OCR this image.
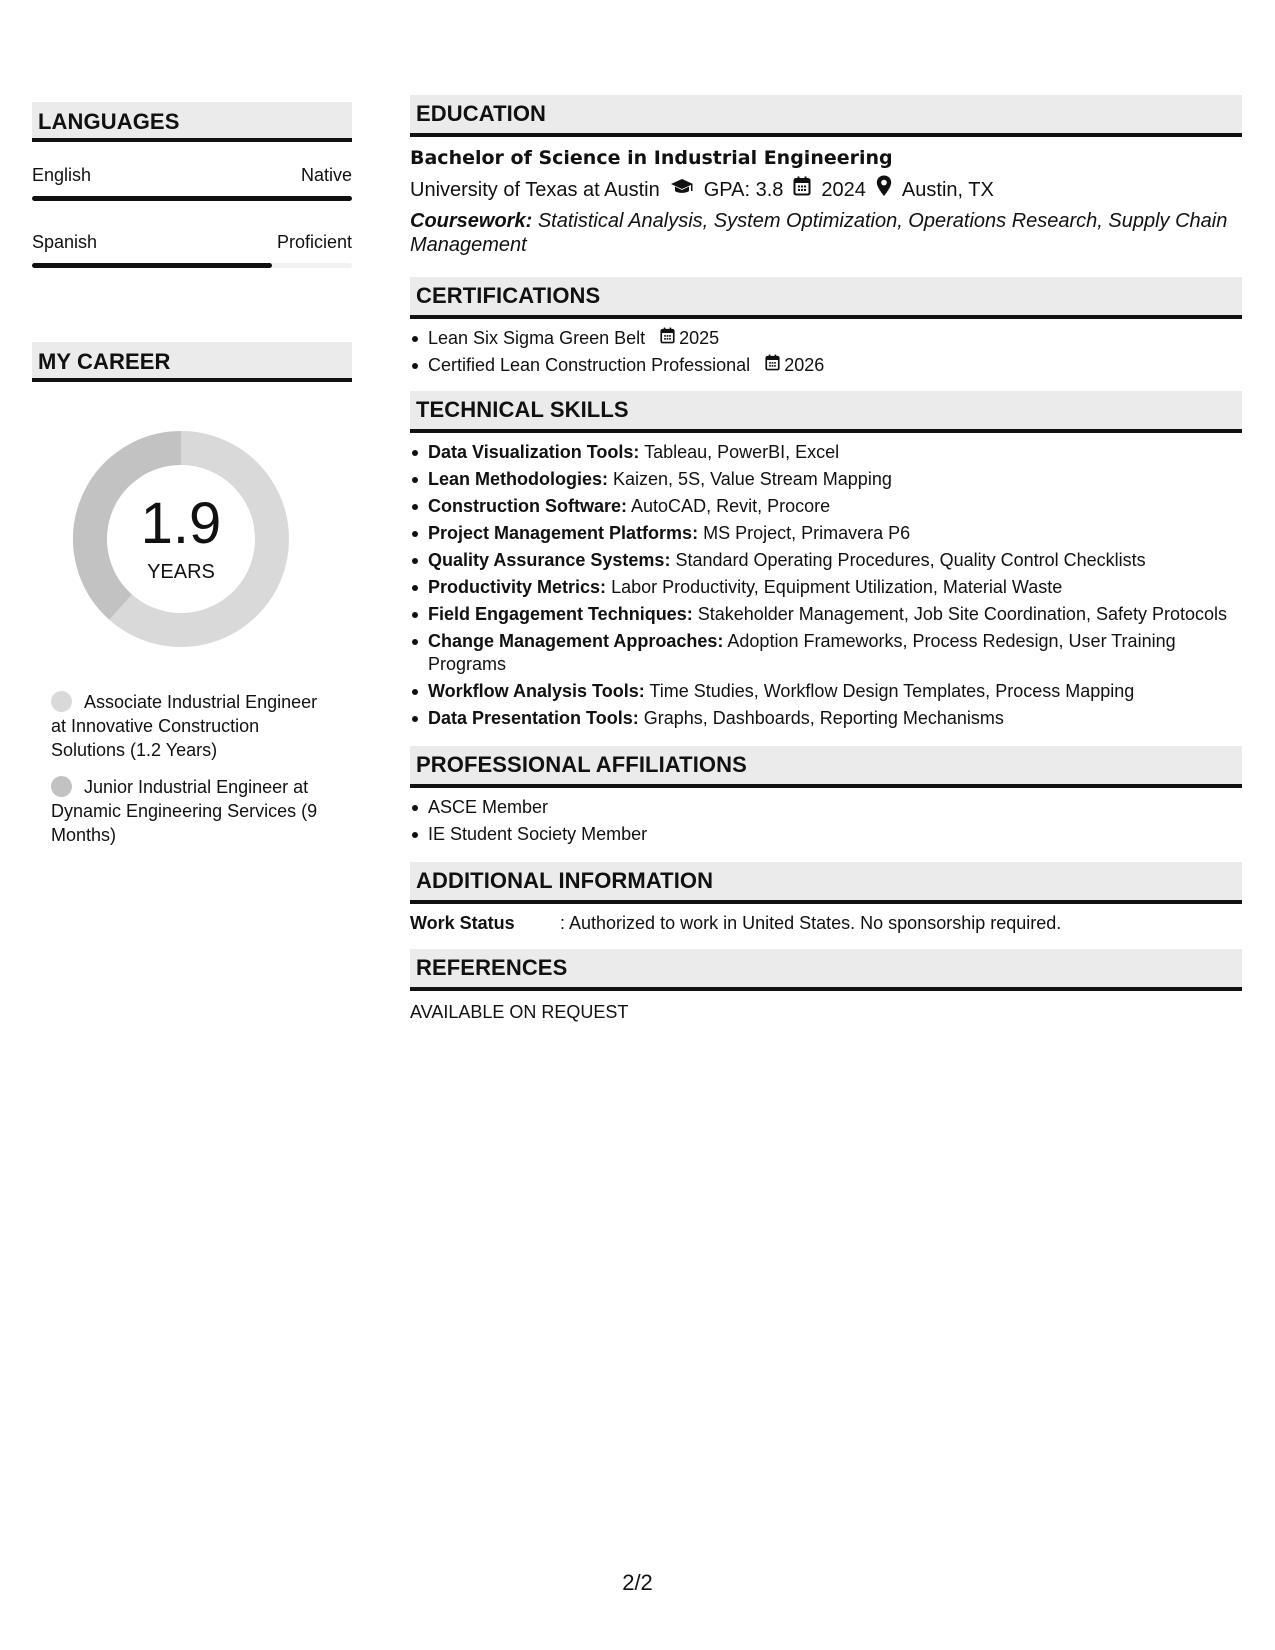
LANGUAGES
English	Native
Spanish	Proficient
MY CAREER
1.9
YEARS
Associate Industrial Engineer at Innovative Construction Solutions (1.2 Years)
Junior Industrial Engineer at Dynamic Engineering Services (9 Months)
EDUCATION
Bachelor of Science in Industrial Engineering
University of Texas at Austin GPA: 3.8 2024 Austin, TX
Coursework: Statistical Analysis, System Optimization, Operations Research, Supply Chain Management
CERTIFICATIONS
Lean Six Sigma Green Belt 2025
Certified Lean Construction Professional 2026
TECHNICAL SKILLS
Data Visualization Tools: Tableau, PowerBI, Excel
Lean Methodologies: Kaizen, 5S, Value Stream Mapping
Construction Software: AutoCAD, Revit, Procore
Project Management Platforms: MS Project, Primavera P6
Quality Assurance Systems: Standard Operating Procedures, Quality Control Checklists
Productivity Metrics: Labor Productivity, Equipment Utilization, Material Waste
Field Engagement Techniques: Stakeholder Management, Job Site Coordination, Safety Protocols
Change Management Approaches: Adoption Frameworks, Process Redesign, User Training Programs
Workflow Analysis Tools: Time Studies, Workflow Design Templates, Process Mapping
Data Presentation Tools: Graphs, Dashboards, Reporting Mechanisms
PROFESSIONAL AFFILIATIONS
ASCE Member
IE Student Society Member
ADDITIONAL INFORMATION
Work Status	: Authorized to work in United States. No sponsorship required.
REFERENCES
AVAILABLE ON REQUEST
2/2
